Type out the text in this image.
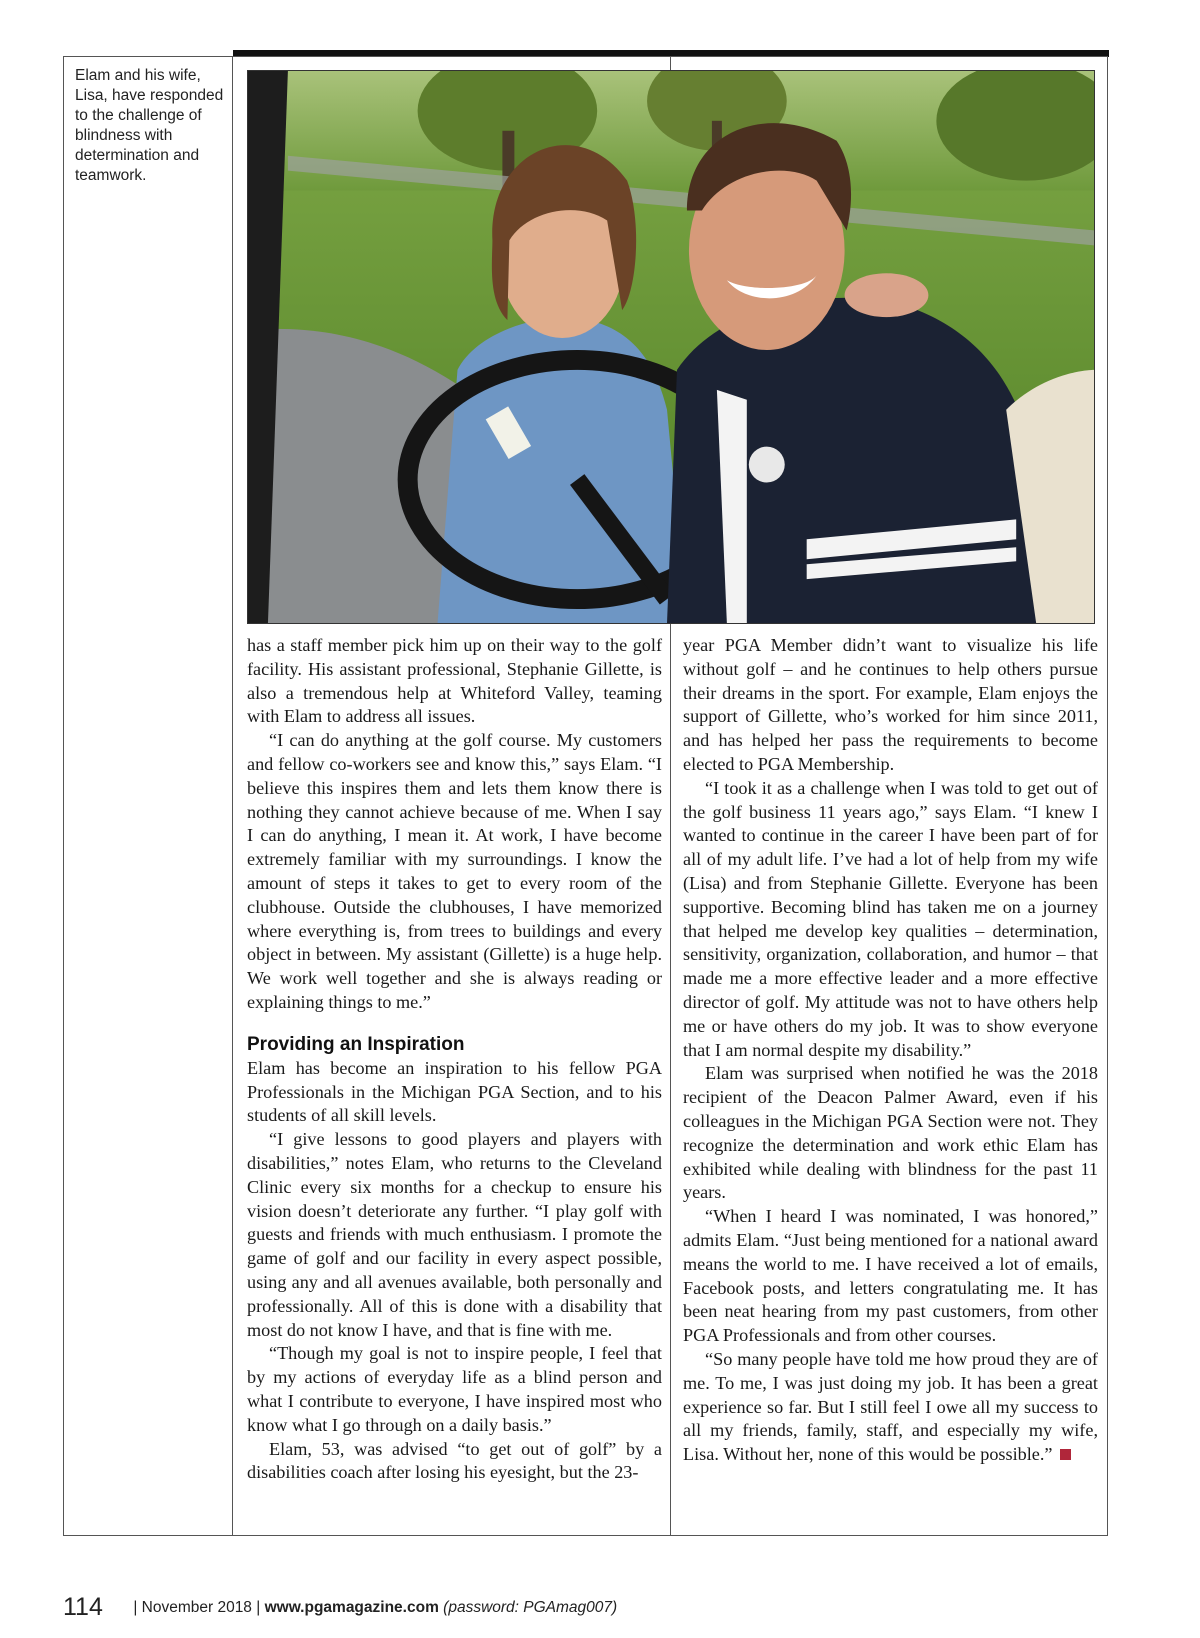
Elam and his wife, Lisa, have responded to the challenge of blindness with determination and teamwork.

has a staff member pick him up on their way to the golf facility. His assistant professional, Stephanie Gillette, is also a tremendous help at Whiteford Valley, teaming with Elam to address all issues.

“I can do anything at the golf course. My customers and fellow co-workers see and know this,” says Elam. “I believe this inspires them and lets them know there is nothing they cannot achieve because of me. When I say I can do anything, I mean it. At work, I have become extremely familiar with my surroundings. I know the amount of steps it takes to get to every room of the clubhouse. Outside the clubhouses, I have memorized where everything is, from trees to buildings and every object in between. My assistant (Gillette) is a huge help. We work well together and she is always reading or explaining things to me.”

Providing an Inspiration

Elam has become an inspiration to his fellow PGA Professionals in the Michigan PGA Section, and to his students of all skill levels.

“I give lessons to good players and players with disabilities,” notes Elam, who returns to the Cleveland Clinic every six months for a checkup to ensure his vision doesn’t deteriorate any further. “I play golf with guests and friends with much enthusiasm. I promote the game of golf and our facility in every aspect possible, using any and all avenues available, both personally and professionally. All of this is done with a disability that most do not know I have, and that is fine with me.

“Though my goal is not to inspire people, I feel that by my actions of everyday life as a blind person and what I contribute to everyone, I have inspired most who know what I go through on a daily basis.”

Elam, 53, was advised “to get out of golf” by a disabilities coach after losing his eyesight, but the 23-

year PGA Member didn’t want to visualize his life without golf – and he continues to help others pursue their dreams in the sport. For example, Elam enjoys the support of Gillette, who’s worked for him since 2011, and has helped her pass the requirements to become elected to PGA Membership.

“I took it as a challenge when I was told to get out of the golf business 11 years ago,” says Elam. “I knew I wanted to continue in the career I have been part of for all of my adult life. I’ve had a lot of help from my wife (Lisa) and from Stephanie Gillette. Everyone has been supportive. Becoming blind has taken me on a journey that helped me develop key qualities – determination, sensitivity, organization, collaboration, and humor – that made me a more effective leader and a more effective director of golf. My attitude was not to have others help me or have others do my job. It was to show everyone that I am normal despite my disability.”

Elam was surprised when notified he was the 2018 recipient of the Deacon Palmer Award, even if his colleagues in the Michigan PGA Section were not. They recognize the determination and work ethic Elam has exhibited while dealing with blindness for the past 11 years.

“When I heard I was nominated, I was honored,” admits Elam. “Just being mentioned for a national award means the world to me. I have received a lot of emails, Facebook posts, and letters congratulating me. It has been neat hearing from my past customers, from other PGA Professionals and from other courses.

“So many people have told me how proud they are of me. To me, I was just doing my job. It has been a great experience so far. But I still feel I owe all my success to all my friends, family, staff, and especially my wife, Lisa. Without her, none of this would be possible.”

114 | November 2018 | www.pgamagazine.com (password: PGAmag007)
